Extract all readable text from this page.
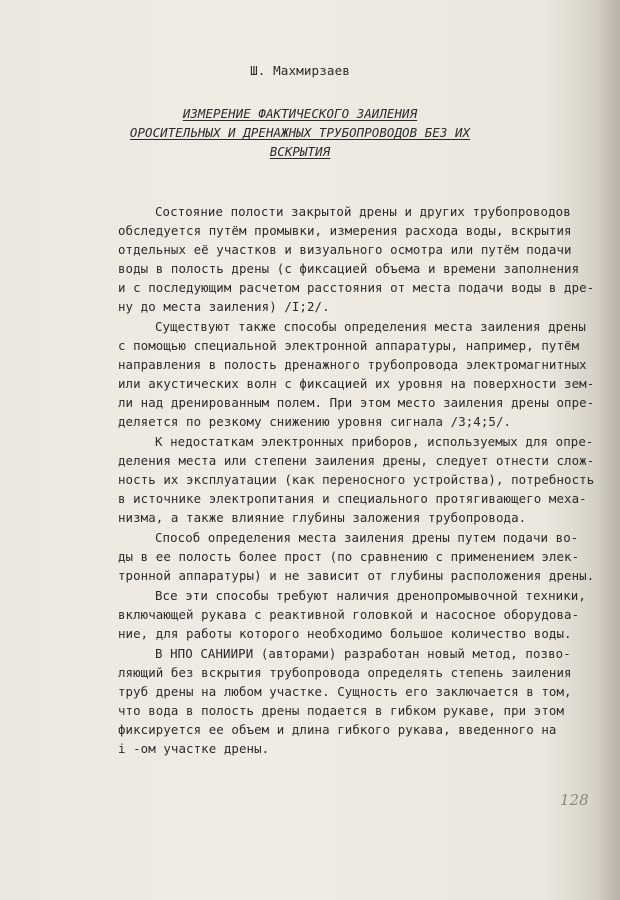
Ш. Махмирзаев
ИЗМЕРЕНИЕ ФАКТИЧЕСКОГО ЗАИЛЕНИЯ
ОРОСИТЕЛЬНЫХ И ДРЕНАЖНЫХ ТРУБОПРОВОДОВ БЕЗ ИХ
ВСКРЫТИЯ
Состояние полости закрытой дрены и других трубопроводов
обследуется путём промывки, измерения расхода воды, вскрытия
отдельных её участков и визуального осмотра или путём подачи
воды в полость дрены (с фиксацией объема и времени заполнения
и с последующим расчетом расстояния от места подачи воды в дре-
ну до места заиления) /I;2/.
Существуют также способы определения места заиления дрены
с помощью специальной электронной аппаратуры, например, путём
направления в полость дренажного трубопровода электромагнитных
или акустических волн с фиксацией их уровня на поверхности зем-
ли над дренированным полем. При этом место заиления дрены опре-
деляется по резкому снижению уровня сигнала /3;4;5/.
К недостаткам электронных приборов, используемых для опре-
деления места или степени заиления дрены, следует отнести слож-
ность их эксплуатации (как переносного устройства), потребность
в источнике электропитания и специального протягивающего меха-
низма, а также влияние глубины заложения трубопровода.
Способ определения места заиления дрены путем подачи во-
ды в ее полость более прост (по сравнению с применением элек-
тронной аппаратуры) и не зависит от глубины расположения дрены.
Все эти способы требуют наличия дренопромывочной техники,
включающей рукава с реактивной головкой и насосное оборудова-
ние, для работы которого необходимо большое количество воды.
В НПО САНИИРИ (авторами) разработан новый метод, позво-
ляющий без вскрытия трубопровода определять степень заиления
труб дрены на любом участке. Сущность его заключается в том,
что вода в полость дрены подается в гибком рукаве, при этом
фиксируется ее объем и длина гибкого рукава, введенного на
i -ом участке дрены.
128
